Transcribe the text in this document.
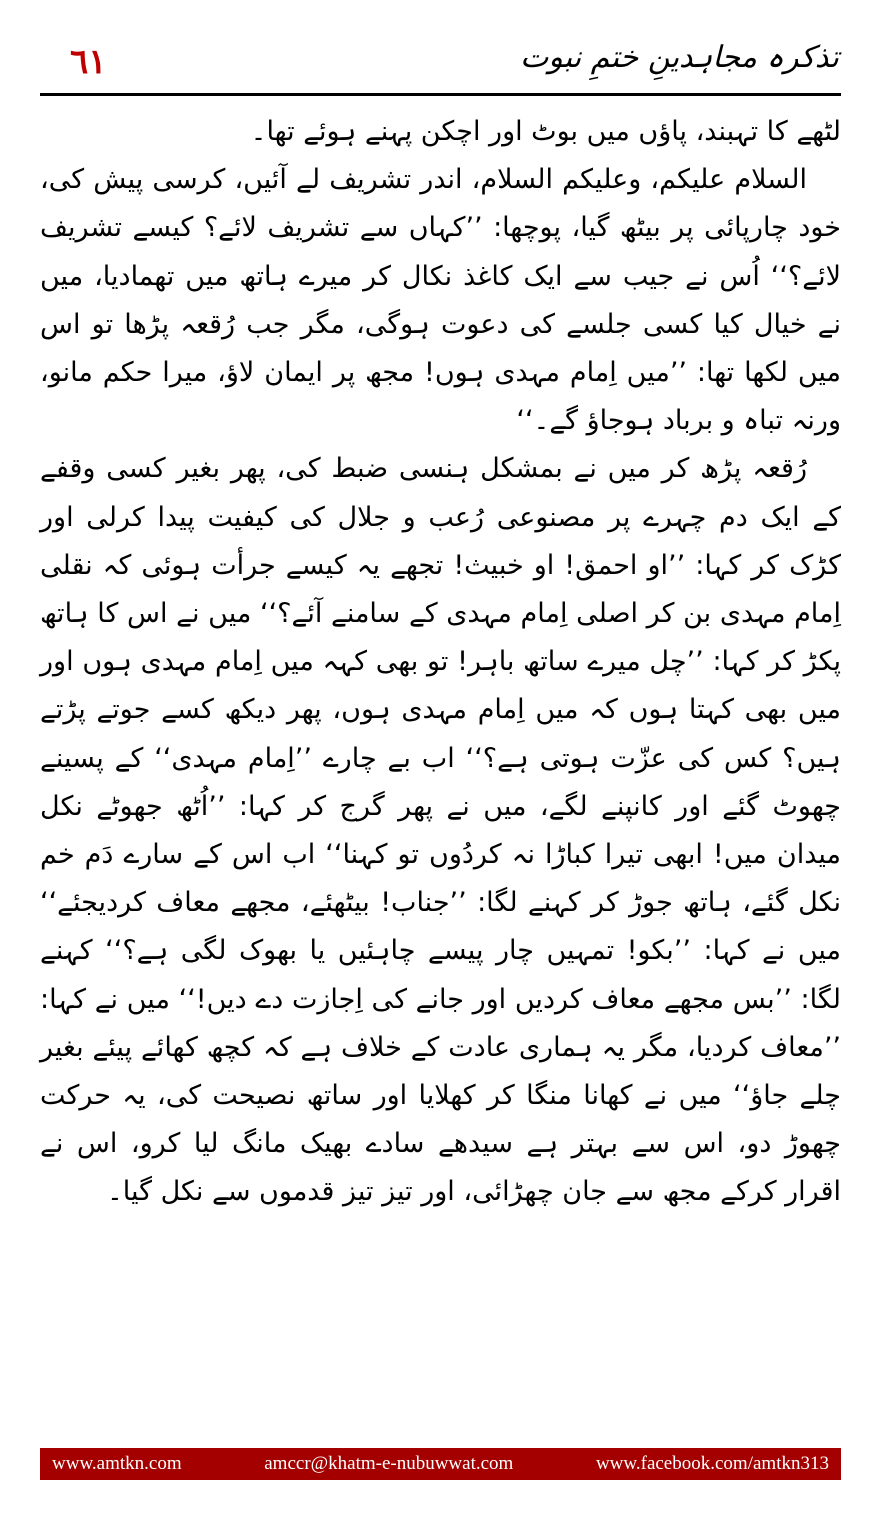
٦١	تذکرہ مجاہدینِ ختمِ نبوت

لٹھے کا تہبند، پاؤں میں بوٹ اور اچکن پہنے ہوئے تھا۔

السلام علیکم، وعلیکم السلام، اندر تشریف لے آئیں، کرسی پیش کی، خود چارپائی پر بیٹھ گیا، پوچھا: ’’کہاں سے تشریف لائے؟ کیسے تشریف لائے؟‘‘ اُس نے جیب سے ایک کاغذ نکال کر میرے ہاتھ میں تھمادیا، میں نے خیال کیا کسی جلسے کی دعوت ہوگی، مگر جب رُقعہ پڑھا تو اس میں لکھا تھا: ’’میں اِمام مہدی ہوں! مجھ پر ایمان لاؤ، میرا حکم مانو، ورنہ تباہ و برباد ہوجاؤ گے۔‘‘

رُقعہ پڑھ کر میں نے بمشکل ہنسی ضبط کی، پھر بغیر کسی وقفے کے ایک دم چہرے پر مصنوعی رُعب و جلال کی کیفیت پیدا کرلی اور کڑک کر کہا: ’’او احمق! او خبیث! تجھے یہ کیسے جرأت ہوئی کہ نقلی اِمام مہدی بن کر اصلی اِمام مہدی کے سامنے آئے؟‘‘ میں نے اس کا ہاتھ پکڑ کر کہا: ’’چل میرے ساتھ باہر! تو بھی کہہ میں اِمام مہدی ہوں اور میں بھی کہتا ہوں کہ میں اِمام مہدی ہوں، پھر دیکھ کسے جوتے پڑتے ہیں؟ کس کی عزّت ہوتی ہے؟‘‘ اب بے چارے ’’اِمام مہدی‘‘ کے پسینے چھوٹ گئے اور کانپنے لگے، میں نے پھر گرج کر کہا: ’’اُٹھ جھوٹے نکل میدان میں! ابھی تیرا کباڑا نہ کردُوں تو کہنا‘‘ اب اس کے سارے دَم خم نکل گئے، ہاتھ جوڑ کر کہنے لگا: ’’جناب! بیٹھئے، مجھے معاف کردیجئے‘‘ میں نے کہا: ’’بکو! تمہیں چار پیسے چاہئیں یا بھوک لگی ہے؟‘‘ کہنے لگا: ’’بس مجھے معاف کردیں اور جانے کی اِجازت دے دیں!‘‘ میں نے کہا: ’’معاف کردیا، مگر یہ ہماری عادت کے خلاف ہے کہ کچھ کھائے پیئے بغیر چلے جاؤ‘‘ میں نے کھانا منگا کر کھلایا اور ساتھ نصیحت کی، یہ حرکت چھوڑ دو، اس سے بہتر ہے سیدھے سادے بھیک مانگ لیا کرو، اس نے اقرار کرکے مجھ سے جان چھڑائی، اور تیز تیز قدموں سے نکل گیا۔

www.amtkn.com	amccr@khatm-e-nubuwwat.com	www.facebook.com/amtkn313
